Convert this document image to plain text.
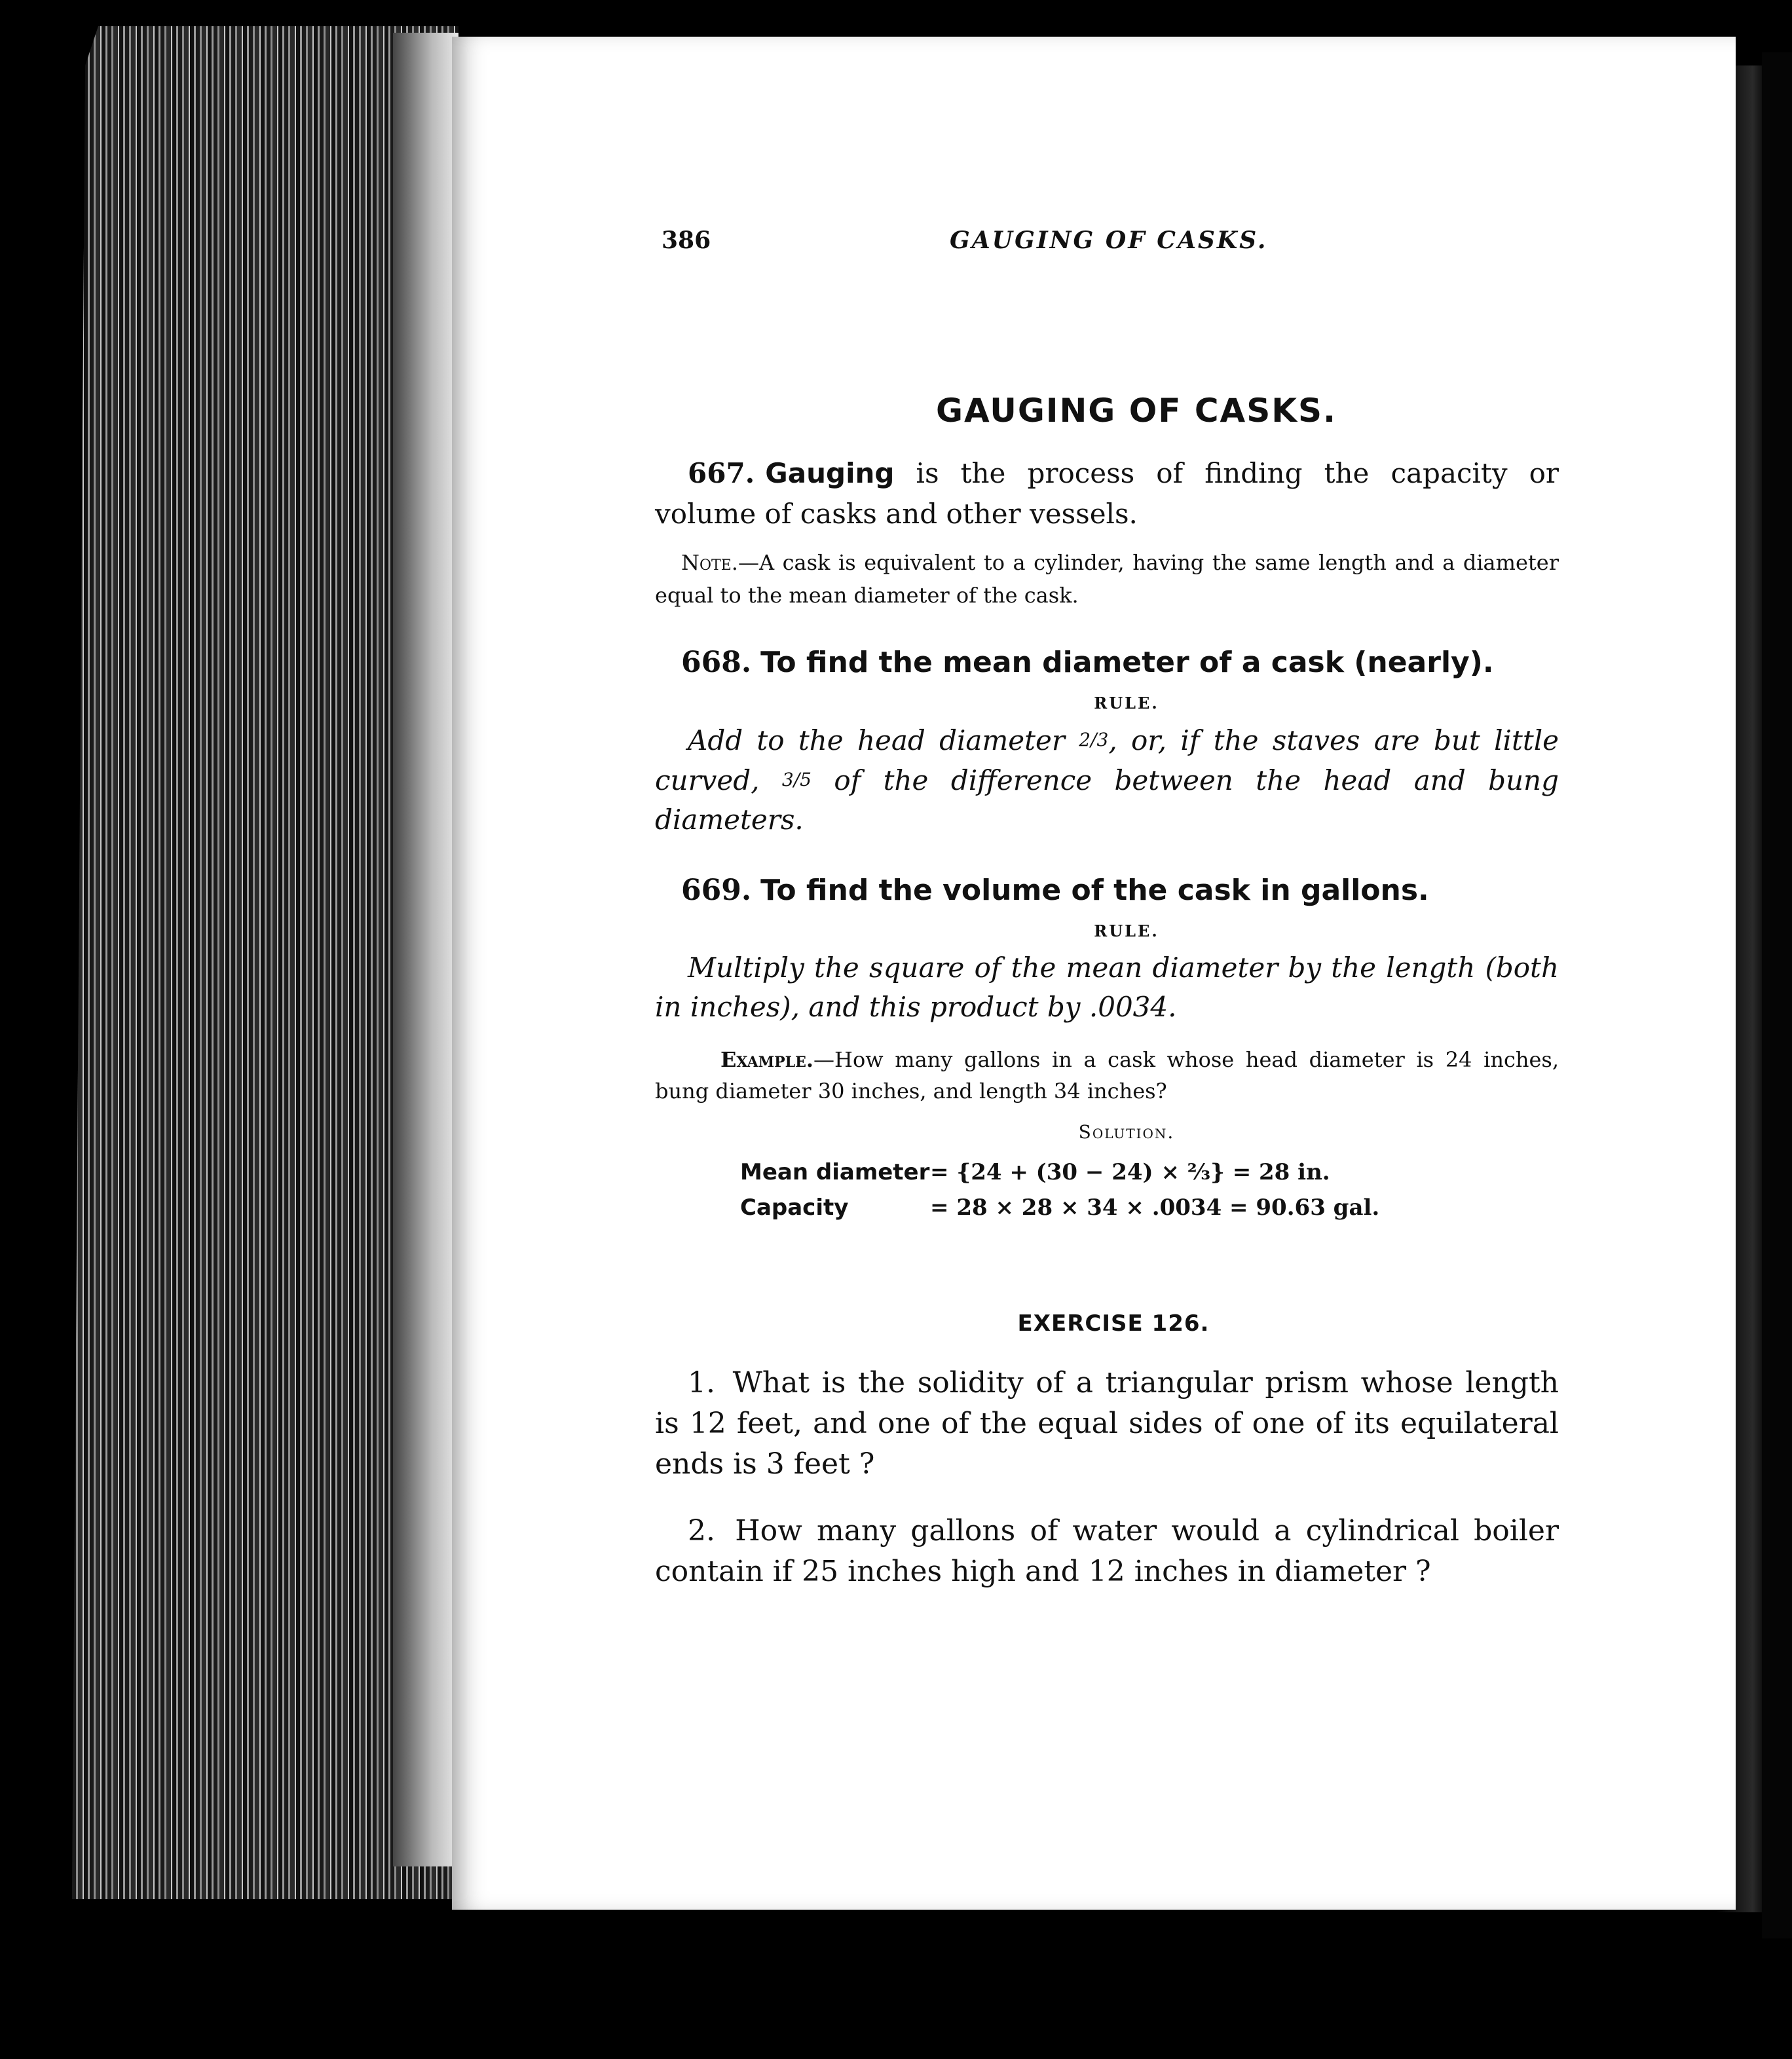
386	GAUGING OF CASKS.
GAUGING OF CASKS.
667. Gauging is the process of finding the capacity or volume of casks and other vessels.
Note.—A cask is equivalent to a cylinder, having the same length and a diameter equal to the mean diameter of the cask.
668. To find the mean diameter of a cask (nearly).
RULE.
Add to the head diameter 2/3, or, if the staves are but little curved, 3/5 of the difference between the head and bung diameters.
669. To find the volume of the cask in gallons.
RULE.
Multiply the square of the mean diameter by the length (both in inches), and this product by .0034.
Example.—How many gallons in a cask whose head diameter is 24 inches, bung diameter 30 inches, and length 34 inches?
Solution.
Mean diameter = {24 + (30 − 24) × ⅔} = 28 in.
Capacity	= 28 × 28 × 34 × .0034 = 90.63 gal.
EXERCISE 126.
1. What is the solidity of a triangular prism whose length is 12 feet, and one of the equal sides of one of its equilateral ends is 3 feet ?
2. How many gallons of water would a cylindrical boiler contain if 25 inches high and 12 inches in diameter ?
